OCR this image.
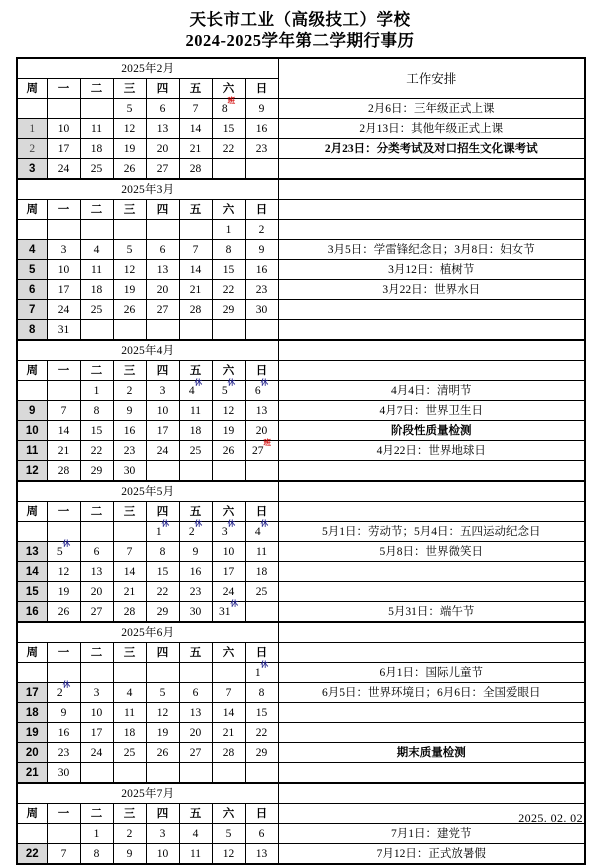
天长市工业（高级技工）学校
2024-2025学年第二学期行事历
2025年2月								工作安排
周	一	二	三	四	五	六	日	
			5	6	7	$8^班$	9	2月6日：三年级正式上课
1	10	11	12	13	14	15	16	2月13日：其他年级正式上课
2	17	18	19	20	21	22	23	2月23日：分类考试及对口招生文化课考试
3	24	25	26	27	28			
2025年3月								
周	一	二	三	四	五	六	日	
						1	2	
4	3	4	5	6	7	8	9	3月5日：学雷锋纪念日；3月8日：妇女节
5	10	11	12	13	14	15	16	3月12日：植树节
6	17	18	19	20	21	22	23	3月22日：世界水日
7	24	25	26	27	28	29	30	
8	31							
2025年4月								
周	一	二	三	四	五	六	日	
		1	2	3	$4^休$	$5^休$	$6^休$	4月4日：清明节
9	7	8	9	10	11	12	13	4月7日：世界卫生日
10	14	15	16	17	18	19	20	阶段性质量检测
11	21	22	23	24	25	26	$27^班$	4月22日：世界地球日
12	28	29	30					
2025年5月								
周	一	二	三	四	五	六	日	
				$1^休$	$2^休$	$3^休$	$4^休$	5月1日：劳动节；5月4日：五四运动纪念日
13	$5^休$	6	7	8	9	10	11	5月8日：世界微笑日
14	12	13	14	15	16	17	18	
15	19	20	21	22	23	24	25	
16	26	27	28	29	30	$31^休$		5月31日：端午节
2025年6月								
周	一	二	三	四	五	六	日	
							$1^休$	6月1日：国际儿童节
17	$2^休$	3	4	5	6	7	8	6月5日：世界环境日；6月6日：全国爱眼日
18	9	10	11	12	13	14	15	
19	16	17	18	19	20	21	22	
20	23	24	25	26	27	28	29	期末质量检测
21	30							
2025年7月								
周	一	二	三	四	五	六	日	
		1	2	3	4	5	6	7月1日：建党节
22	7	8	9	10	11	12	13	7月12日：正式放暑假
2025. 02. 02
